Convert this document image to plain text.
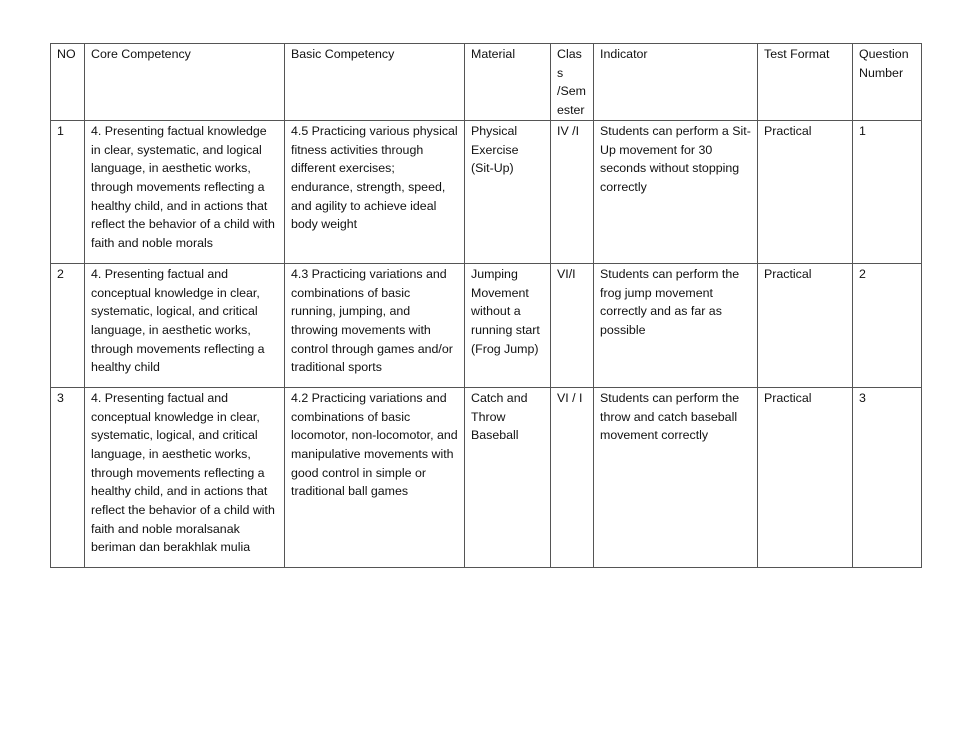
NO	Core Competency	Basic Competency	Material	Class /Sem ester	Indicator	Test Format	Question Number
1	4. Presenting factual knowledge in clear, systematic, and logical language, in aesthetic works, through movements reflecting a healthy child, and in actions that reflect the behavior of a child with faith and noble morals	4.5 Practicing various physical fitness activities through different exercises; endurance, strength, speed, and agility to achieve ideal body weight	Physical Exercise (Sit-Up)	IV /I	Students can perform a Sit-Up movement for 30 seconds without stopping correctly	Practical	1
2	4. Presenting factual and conceptual knowledge in clear, systematic, logical, and critical language, in aesthetic works, through movements reflecting a healthy child	4.3 Practicing variations and combinations of basic running, jumping, and throwing movements with control through games and/or traditional sports	Jumping Movement without a running start (Frog Jump)	VI/I	Students can perform the frog jump movement correctly and as far as possible	Practical	2
3	4. Presenting factual and conceptual knowledge in clear, systematic, logical, and critical language, in aesthetic works, through movements reflecting a healthy child, and in actions that reflect the behavior of a child with faith and noble moralsanak beriman dan berakhlak mulia	4.2 Practicing variations and combinations of basic locomotor, non-locomotor, and manipulative movements with good control in simple or traditional ball games	Catch and Throw Baseball	VI / I	Students can perform the throw and catch baseball movement correctly	Practical	3
